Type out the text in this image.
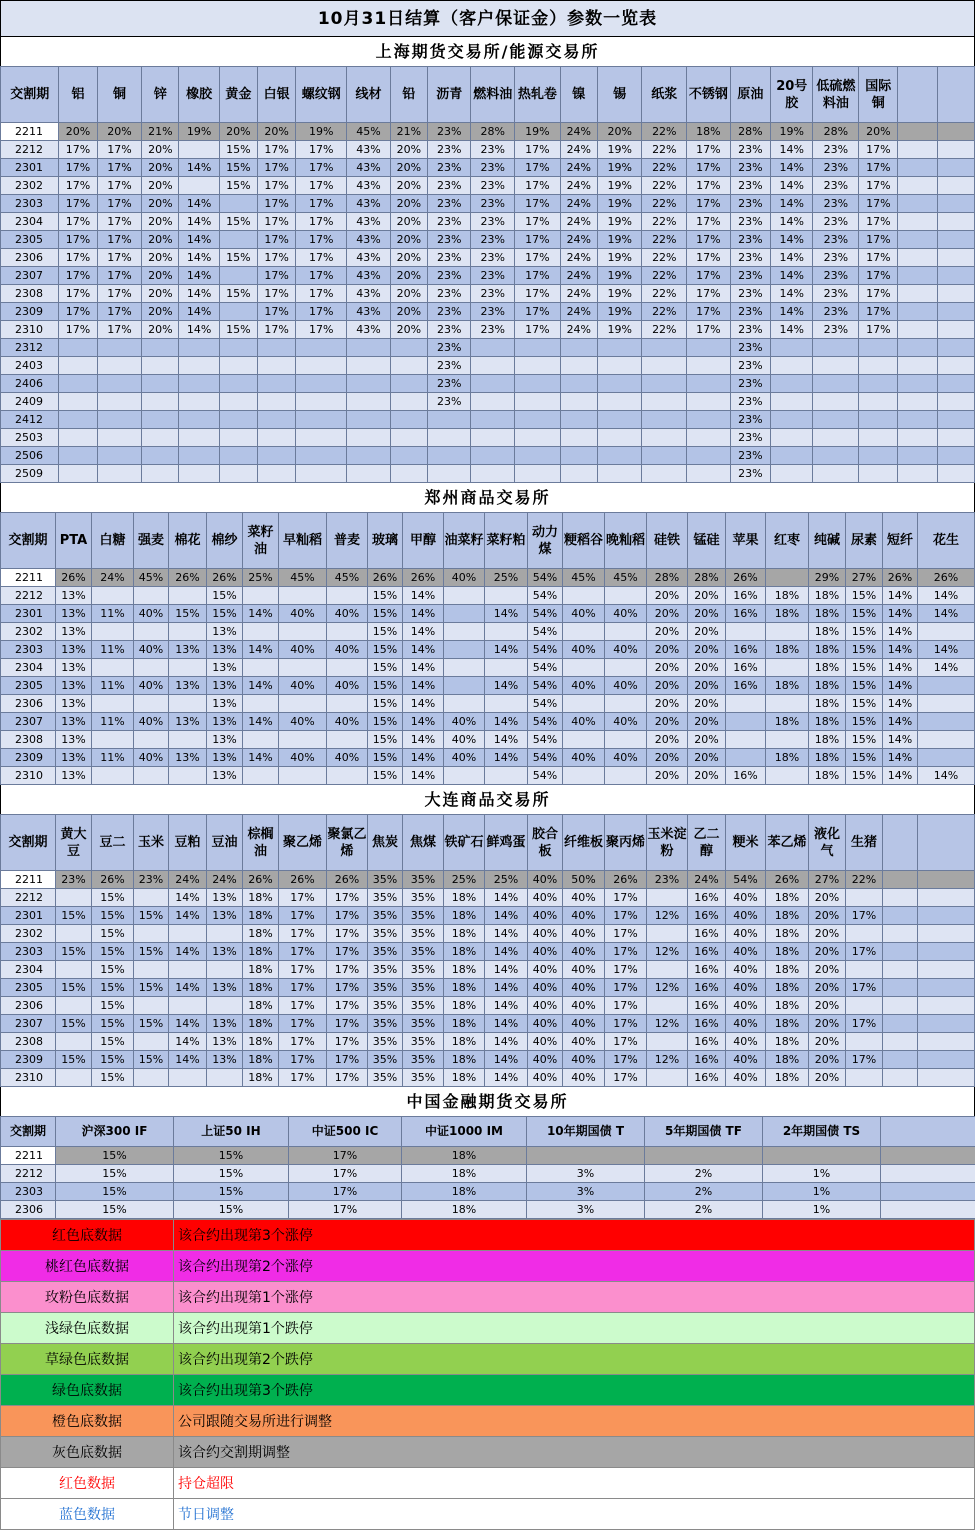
10月31日结算（客户保证金）参数一览表
上海期货交易所/能源交易所
交割期	铝	铜	锌	橡胶	黄金	白银	螺纹钢	线材	铅	沥青	燃料油	热轧卷	镍	锡	纸浆	不锈钢	原油	20号胶	低硫燃料油	国际铜		
2211	20%	20%	21%	19%	20%	20%	19%	45%	21%	23%	28%	19%	24%	20%	22%	18%	28%	19%	28%	20%		
2212	17%	17%	20%		15%	17%	17%	43%	20%	23%	23%	17%	24%	19%	22%	17%	23%	14%	23%	17%		
2301	17%	17%	20%	14%	15%	17%	17%	43%	20%	23%	23%	17%	24%	19%	22%	17%	23%	14%	23%	17%		
2302	17%	17%	20%		15%	17%	17%	43%	20%	23%	23%	17%	24%	19%	22%	17%	23%	14%	23%	17%		
2303	17%	17%	20%	14%		17%	17%	43%	20%	23%	23%	17%	24%	19%	22%	17%	23%	14%	23%	17%		
2304	17%	17%	20%	14%	15%	17%	17%	43%	20%	23%	23%	17%	24%	19%	22%	17%	23%	14%	23%	17%		
2305	17%	17%	20%	14%		17%	17%	43%	20%	23%	23%	17%	24%	19%	22%	17%	23%	14%	23%	17%		
2306	17%	17%	20%	14%	15%	17%	17%	43%	20%	23%	23%	17%	24%	19%	22%	17%	23%	14%	23%	17%		
2307	17%	17%	20%	14%		17%	17%	43%	20%	23%	23%	17%	24%	19%	22%	17%	23%	14%	23%	17%		
2308	17%	17%	20%	14%	15%	17%	17%	43%	20%	23%	23%	17%	24%	19%	22%	17%	23%	14%	23%	17%		
2309	17%	17%	20%	14%		17%	17%	43%	20%	23%	23%	17%	24%	19%	22%	17%	23%	14%	23%	17%		
2310	17%	17%	20%	14%	15%	17%	17%	43%	20%	23%	23%	17%	24%	19%	22%	17%	23%	14%	23%	17%		
2312										23%							23%					
2403										23%							23%					
2406										23%							23%					
2409										23%							23%					
2412																	23%					
2503																	23%					
2506																	23%					
2509																	23%					
郑州商品交易所
交割期	PTA	白糖	强麦	棉花	棉纱	菜籽油	早籼稻	普麦	玻璃	甲醇	油菜籽	菜籽粕	动力煤	粳稻谷	晚籼稻	硅铁	锰硅	苹果	红枣	纯碱	尿素	短纤	花生
2211	26%	24%	45%	26%	26%	25%	45%	45%	26%	26%	40%	25%	54%	45%	45%	28%	28%	26%		29%	27%	26%	26%
2212	13%				15%				15%	14%			54%			20%	20%	16%	18%	18%	15%	14%	14%
2301	13%	11%	40%	15%	15%	14%	40%	40%	15%	14%		14%	54%	40%	40%	20%	20%	16%	18%	18%	15%	14%	14%
2302	13%				13%				15%	14%			54%			20%	20%			18%	15%	14%	
2303	13%	11%	40%	13%	13%	14%	40%	40%	15%	14%		14%	54%	40%	40%	20%	20%	16%	18%	18%	15%	14%	14%
2304	13%				13%				15%	14%			54%			20%	20%	16%		18%	15%	14%	14%
2305	13%	11%	40%	13%	13%	14%	40%	40%	15%	14%		14%	54%	40%	40%	20%	20%	16%	18%	18%	15%	14%	
2306	13%				13%				15%	14%			54%			20%	20%			18%	15%	14%	
2307	13%	11%	40%	13%	13%	14%	40%	40%	15%	14%	40%	14%	54%	40%	40%	20%	20%		18%	18%	15%	14%	
2308	13%				13%				15%	14%	40%	14%	54%			20%	20%			18%	15%	14%	
2309	13%	11%	40%	13%	13%	14%	40%	40%	15%	14%	40%	14%	54%	40%	40%	20%	20%		18%	18%	15%	14%	
2310	13%				13%				15%	14%			54%			20%	20%	16%		18%	15%	14%	14%
大连商品交易所
交割期	黄大豆	豆二	玉米	豆粕	豆油	棕榈油	聚乙烯	聚氯乙烯	焦炭	焦煤	铁矿石	鲜鸡蛋	胶合板	纤维板	聚丙烯	玉米淀粉	乙二醇	粳米	苯乙烯	液化气	生猪		
2211	23%	26%	23%	24%	24%	26%	26%	26%	35%	35%	25%	25%	40%	50%	26%	23%	24%	54%	26%	27%	22%		
2212		15%		14%	13%	18%	17%	17%	35%	35%	18%	14%	40%	40%	17%		16%	40%	18%	20%			
2301	15%	15%	15%	14%	13%	18%	17%	17%	35%	35%	18%	14%	40%	40%	17%	12%	16%	40%	18%	20%	17%		
2302		15%				18%	17%	17%	35%	35%	18%	14%	40%	40%	17%		16%	40%	18%	20%			
2303	15%	15%	15%	14%	13%	18%	17%	17%	35%	35%	18%	14%	40%	40%	17%	12%	16%	40%	18%	20%	17%		
2304		15%				18%	17%	17%	35%	35%	18%	14%	40%	40%	17%		16%	40%	18%	20%			
2305	15%	15%	15%	14%	13%	18%	17%	17%	35%	35%	18%	14%	40%	40%	17%	12%	16%	40%	18%	20%	17%		
2306		15%				18%	17%	17%	35%	35%	18%	14%	40%	40%	17%		16%	40%	18%	20%			
2307	15%	15%	15%	14%	13%	18%	17%	17%	35%	35%	18%	14%	40%	40%	17%	12%	16%	40%	18%	20%	17%		
2308		15%		14%	13%	18%	17%	17%	35%	35%	18%	14%	40%	40%	17%		16%	40%	18%	20%			
2309	15%	15%	15%	14%	13%	18%	17%	17%	35%	35%	18%	14%	40%	40%	17%	12%	16%	40%	18%	20%	17%		
2310		15%				18%	17%	17%	35%	35%	18%	14%	40%	40%	17%		16%	40%	18%	20%			
中国金融期货交易所
交割期	沪深300 IF	上证50 IH	中证500 IC	中证1000 IM	10年期国债 T	5年期国债 TF	2年期国债 TS	
2211	15%	15%	17%	18%				
2212	15%	15%	17%	18%	3%	2%	1%	
2303	15%	15%	17%	18%	3%	2%	1%	
2306	15%	15%	17%	18%	3%	2%	1%	
红色底数据	该合约出现第3个涨停
桃红色底数据	该合约出现第2个涨停
玫粉色底数据	该合约出现第1个涨停
浅绿色底数据	该合约出现第1个跌停
草绿色底数据	该合约出现第2个跌停
绿色底数据	该合约出现第3个跌停
橙色底数据	公司跟随交易所进行调整
灰色底数据	该合约交割期调整
红色数据	持仓超限
蓝色数据	节日调整
